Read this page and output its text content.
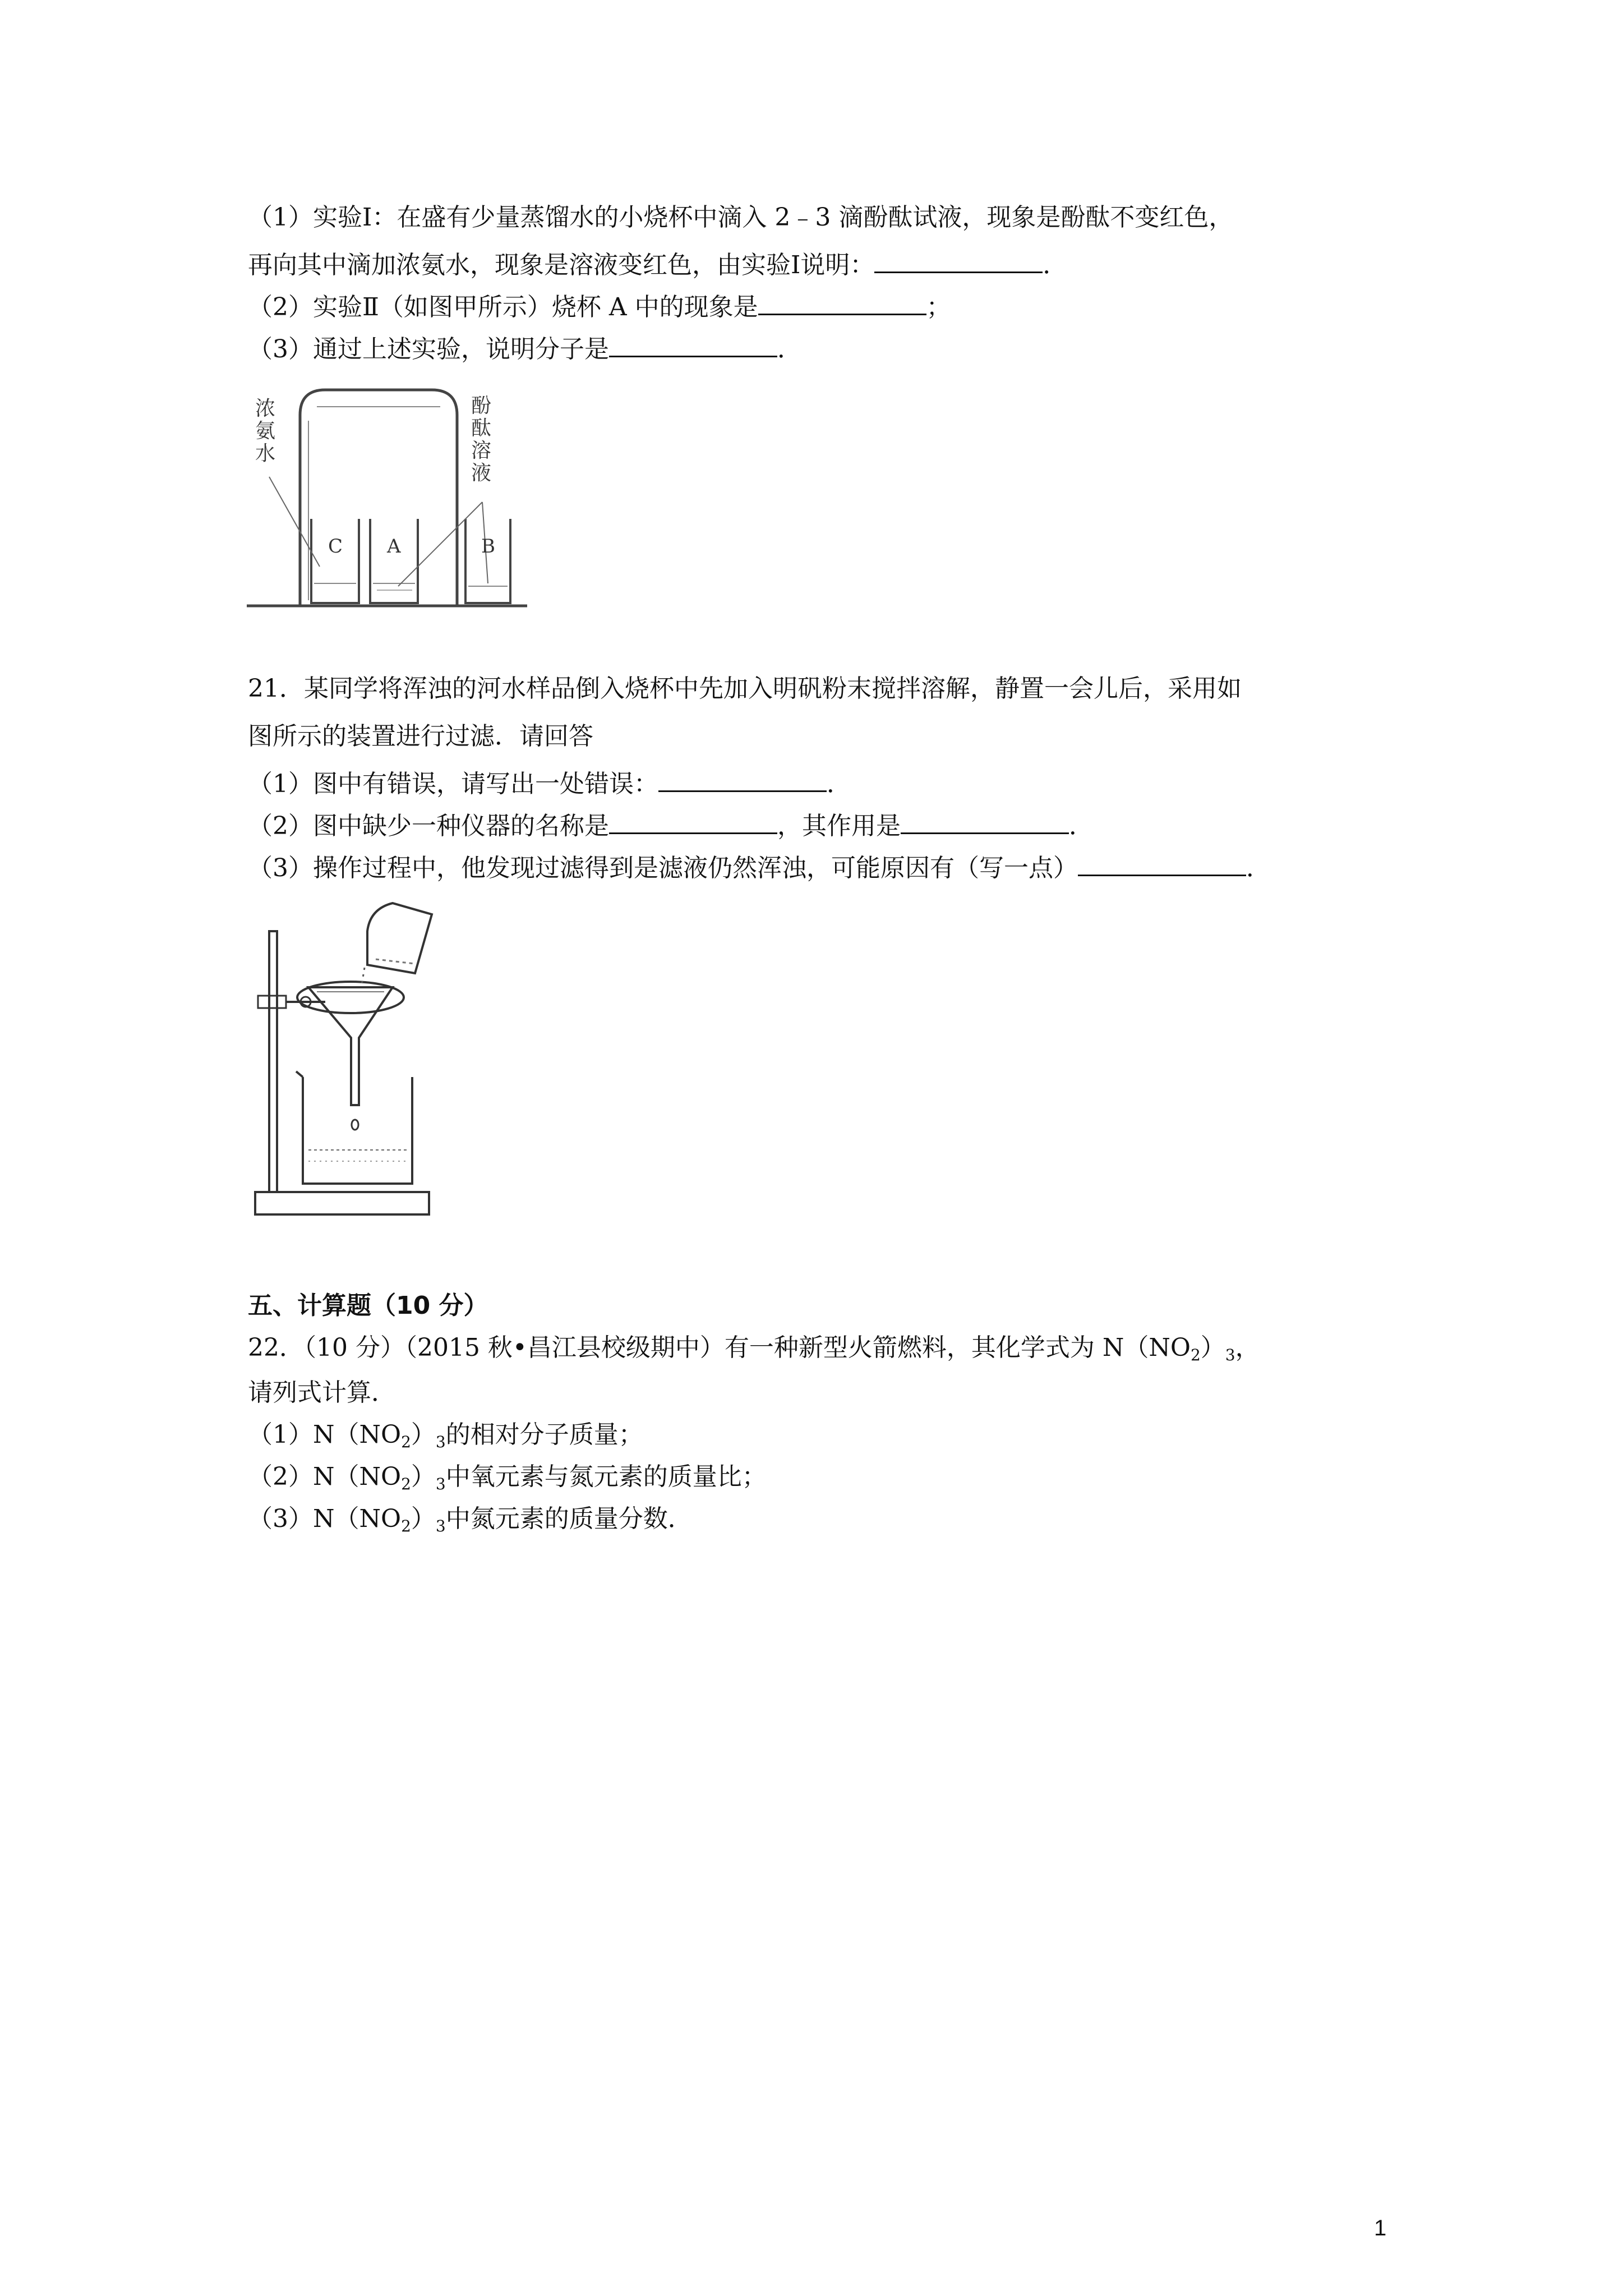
（1）实验Ⅰ：在盛有少量蒸馏水的小烧杯中滴入 2﹣3 滴酚酞试液，现象是酚酞不变红色，
再向其中滴加浓氨水，现象是溶液变红色，由实验Ⅰ说明：	．
（2）实验Ⅱ（如图甲所示）烧杯 A 中的现象是	；
（3）通过上述实验，说明分子是	．
浓 氨 水
酚 酞 溶 液
C A	B
21．某同学将浑浊的河水样品倒入烧杯中先加入明矾粉末搅拌溶解，静置一会儿后，采用如
图所示的装置进行过滤．请回答
（1）图中有错误，请写出一处错误：	．
（2）图中缺少一种仪器的名称是	，其作用是	．
（3）操作过程中，他发现过滤得到是滤液仍然浑浊，可能原因有（写一点）	．
五、计算题（10 分）
22．（10 分）（2015 秋•昌江县校级期中）有一种新型火箭燃料，其化学式为 $N(NO_2)_3$，
请列式计算．
$(1)N(NO_2)_3$的相对分子质量；
$(2)N(NO_2)_3$中氧元素与氮元素的质量比；
$(3)N(NO_2)_3$中氮元素的质量分数．
1
